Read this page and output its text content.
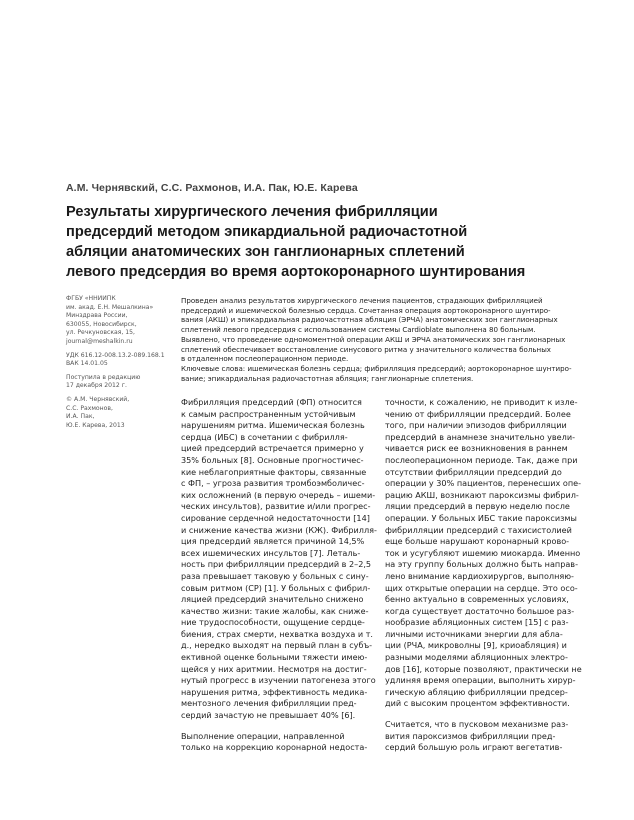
А.М. Чернявский, С.С. Рахмонов, И.А. Пак, Ю.Е. Карева
Результаты хирургического лечения фибрилляции
предсердий методом эпикардиальной радиочастотной
абляции анатомических зон ганглионарных сплетений
левого предсердия во время аортокоронарного шунтирования
ФГБУ «ННИИПК
им. акад. Е.Н. Мешалкина»
Минздрава России,
630055, Новосибирск,
ул. Речкуновская, 15,
journal@meshalkin.ru
УДК 616.12-008.13.2-089.168.1
ВАК 14.01.05
Поступила в редакцию
17 декабря 2012 г.
© А.М. Чернявский,
С.С. Рахмонов,
И.А. Пак,
Ю.Е. Карева, 2013
Проведен анализ результатов хирургического лечения пациентов, страдающих фибрилляцией
предсердий и ишемической болезнью сердца. Сочетанная операция аортокоронарного шунтиро-
вания (АКШ) и эпикардиальная радиочастотная абляция (ЭРЧА) анатомических зон ганглионарных
сплетений левого предсердия с использованием системы Cardioblate выполнена 80 больным.
Выявлено, что проведение одномоментной операции АКШ и ЭРЧА анатомических зон ганглионарных
сплетений обеспечивает восстановление синусового ритма у значительного количества больных
в отдаленном послеоперационном периоде.
Ключевые слова: ишемическая болезнь сердца; фибрилляция предсердий; аортокоронарное шунтиро-
вание; эпикардиальная радиочастотная абляция; ганглионарные сплетения.
Фибрилляция предсердий (ФП) относится
к самым распространенным устойчивым
нарушениям ритма. Ишемическая болезнь
сердца (ИБС) в сочетании с фибрилля-
цией предсердий встречается примерно у
35% больных [8]. Основные прогностичес-
кие неблагоприятные факторы, связанные
с ФП, – угроза развития тромбоэмболичес-
ких осложнений (в первую очередь – ишеми-
ческих инсультов), развитие и/или прогрес-
сирование сердечной недостаточности [14]
и снижение качества жизни (КЖ). Фибрилля-
ция предсердий является причиной 14,5%
всех ишемических инсультов [7]. Леталь-
ность при фибрилляции предсердий в 2–2,5
раза превышает таковую у больных с сину-
совым ритмом (СР) [1]. У больных с фибрил-
ляцией предсердий значительно снижено
качество жизни: такие жалобы, как сниже-
ние трудоспособности, ощущение сердце-
биения, страх смерти, нехватка воздуха и т.
д., нередко выходят на первый план в субъ-
ективной оценке больными тяжести имею-
щейся у них аритмии. Несмотря на достиг-
нутый прогресс в изучении патогенеза этого
нарушения ритма, эффективность медика-
ментозного лечения фибрилляции пред-
сердий зачастую не превышает 40% [6].
Выполнение операции, направленной
только на коррекцию коронарной недоста-
точности, к сожалению, не приводит к изле-
чению от фибрилляции предсердий. Более
того, при наличии эпизодов фибрилляции
предсердий в анамнезе значительно увели-
чивается риск ее возникновения в раннем
послеоперационном периоде. Так, даже при
отсутствии фибрилляции предсердий до
операции у 30% пациентов, перенесших опе-
рацию АКШ, возникают пароксизмы фибрил-
ляции предсердий в первую неделю после
операции. У больных ИБС такие пароксизмы
фибрилляции предсердий с тахисистолией
еще больше нарушают коронарный крово-
ток и усугубляют ишемию миокарда. Именно
на эту группу больных должно быть направ-
лено внимание кардиохирургов, выполняю-
щих открытые операции на сердце. Это осо-
бенно актуально в современных условиях,
когда существует достаточно большое раз-
нообразие абляционных систем [15] с раз-
личными источниками энергии для абла-
ции (РЧА, микроволны [9], криоабляция) и
разными моделями абляционных электро-
дов [16], которые позволяют, практически не
удлиняя время операции, выполнить хирур-
гическую абляцию фибрилляции предсер-
дий с высоким процентом эффективности.
Считается, что в пусковом механизме раз-
вития пароксизмов фибрилляции пред-
сердий большую роль играют вегетатив-
